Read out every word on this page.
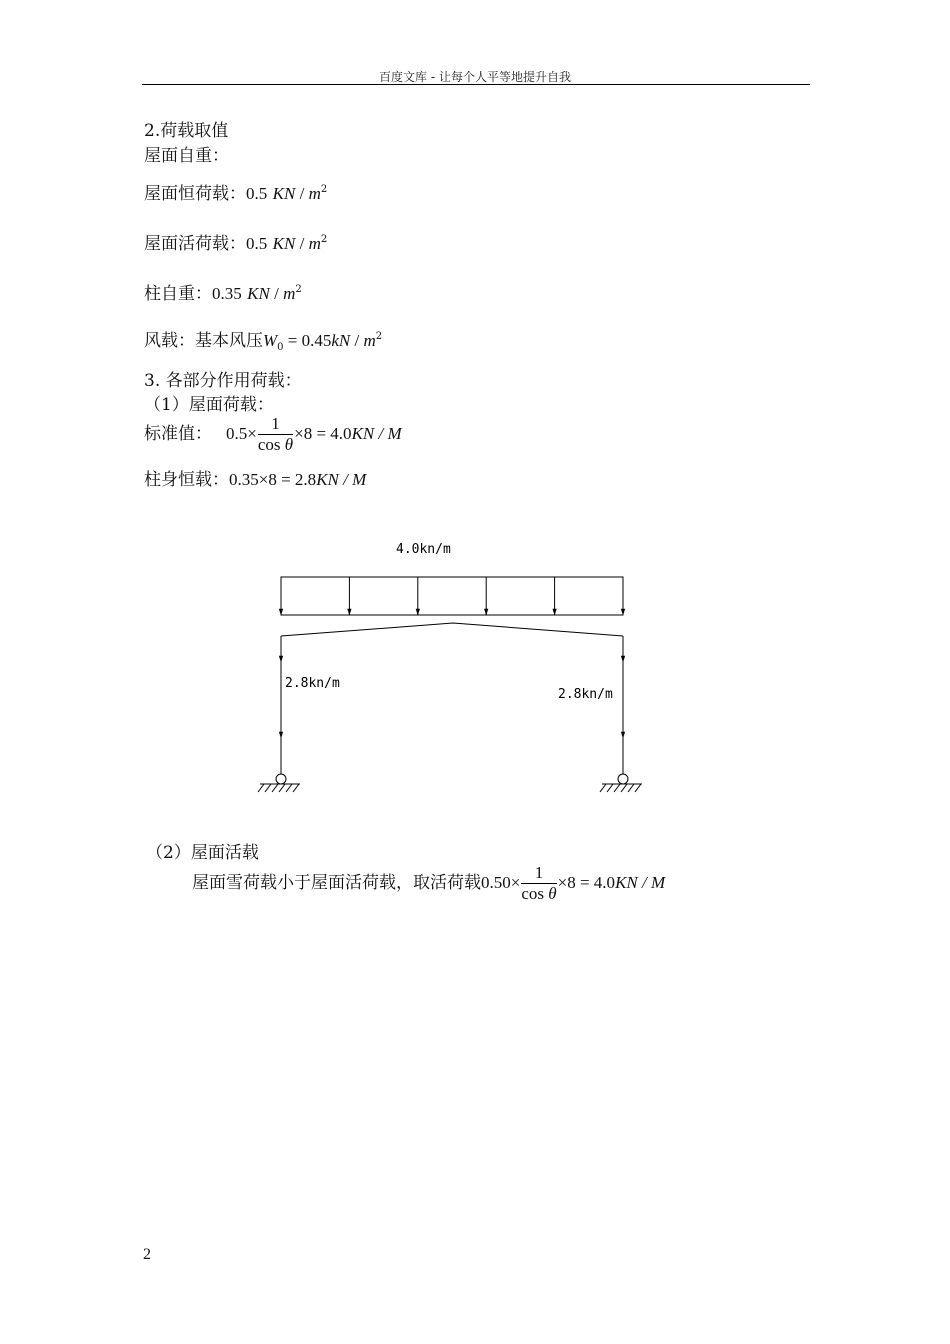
百度文库 - 让每个人平等地提升自我
2.荷载取值
屋面自重：
屋面恒荷载：0.5 KN / $m^2$
屋面活荷载：0.5 KN / $m^2$
柱自重：0.35 KN / $m^2$
风载：基本风压$W_0 = 0.45kN / m^2$
3. 各部分作用荷载：
（1）屋面荷载：
标准值： $0.5\times \frac{1}{\text{cos θ}} \times 8 = 4.0KN / M$
柱身恒载：0.35×8 = 2.8KN / M
4.0kn/m
2.8kn/m
2.8kn/m
（2）屋面活载
屋面雪荷载小于屋面活荷载，取活荷载$0.50\times \frac{1}{\text{cos θ}} \times 8 = 4.0KN / M$
2
